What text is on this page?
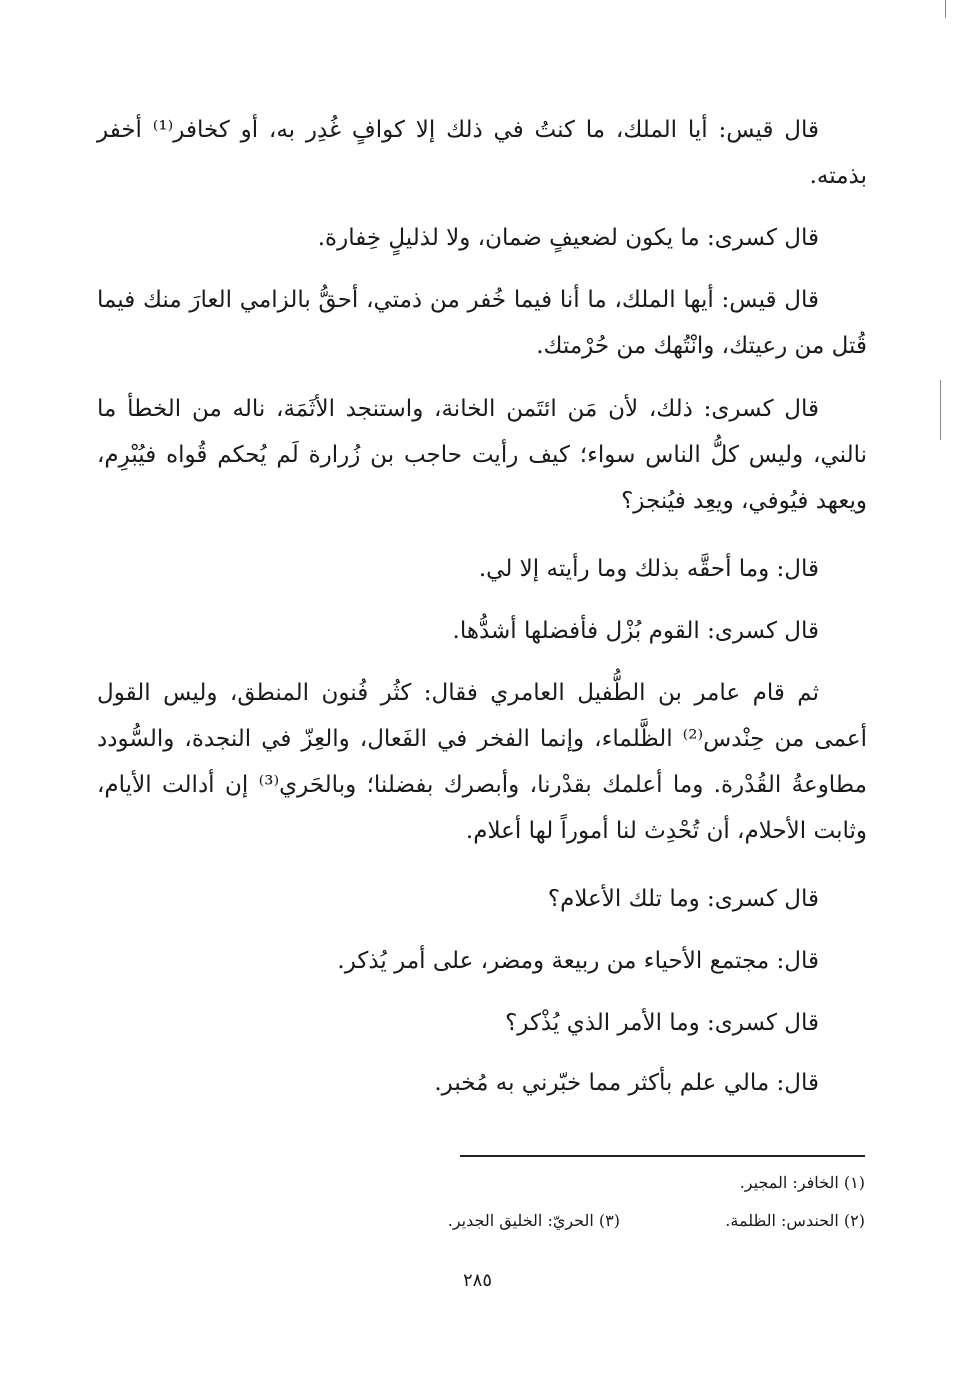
قال قيس: أيا الملك، ما كنتُ في ذلك إلا كوافٍ غُدِر به، أو كخافر⁽¹⁾ أخفر بذمته.
قال كسرى: ما يكون لضعيفٍ ضمان، ولا لذليلٍ خِفارة.
قال قيس: أيها الملك، ما أنا فيما خُفر من ذمتي، أحقُّ بالزامي العارَ منك فيما قُتل من رعيتك، وانْتُهك من حُرْمتك.
قال كسرى: ذلك، لأن مَن ائتَمن الخانة، واستنجد الأثَمَة، ناله من الخطأ ما نالني، وليس كلُّ الناس سواء؛ كيف رأيت حاجب بن زُرارة لَم يُحكم قُواه فيُبْرِم، ويعهد فيُوفي، ويعِد فيُنجز؟
قال: وما أحقَّه بذلك وما رأيته إلا لي.
قال كسرى: القوم بُزْل فأفضلها أشدُّها.
ثم قام عامر بن الطُّفيل العامري فقال: كثُر فُنون المنطق، وليس القول أعمى من حِنْدس⁽²⁾ الظَّلماء، وإنما الفخر في الفَعال، والعِزّ في النجدة، والسُّودد مطاوعةُ القُدْرة. وما أعلمك بقدْرنا، وأبصرك بفضلنا؛ وبالحَري⁽³⁾ إن أدالت الأيام، وثابت الأحلام، أن تُحْدِث لنا أموراً لها أعلام.
قال كسرى: وما تلك الأعلام؟
قال: مجتمع الأحياء من ربيعة ومضر، على أمر يُذكر.
قال كسرى: وما الأمر الذي يُذْكر؟
قال: مالي علم بأكثر مما خبّرني به مُخبر.
(١) الخافر: المجير.
(٢) الحندس: الظلمة.
(٣) الحريّ: الخليق الجدير.
٢٨٥
